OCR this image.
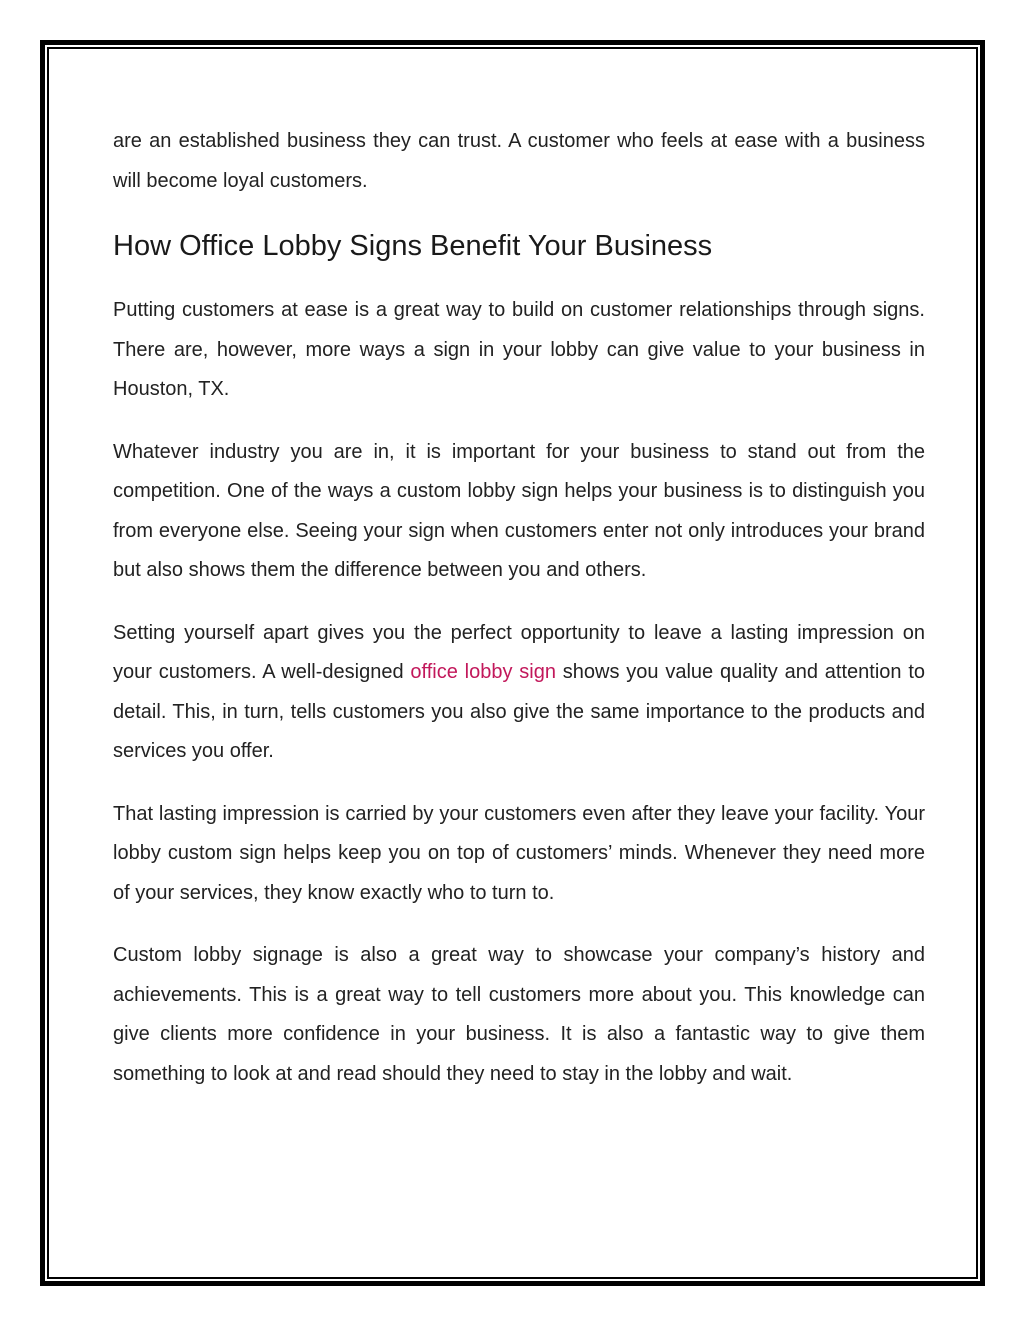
are an established business they can trust. A customer who feels at ease with a business will become loyal customers.

How Office Lobby Signs Benefit Your Business

Putting customers at ease is a great way to build on customer relationships through signs. There are, however, more ways a sign in your lobby can give value to your business in Houston, TX.

Whatever industry you are in, it is important for your business to stand out from the competition. One of the ways a custom lobby sign helps your business is to distinguish you from everyone else. Seeing your sign when customers enter not only introduces your brand but also shows them the difference between you and others.

Setting yourself apart gives you the perfect opportunity to leave a lasting impression on your customers. A well-designed office lobby sign shows you value quality and attention to detail. This, in turn, tells customers you also give the same importance to the products and services you offer.

That lasting impression is carried by your customers even after they leave your facility. Your lobby custom sign helps keep you on top of customers’ minds. Whenever they need more of your services, they know exactly who to turn to.

Custom lobby signage is also a great way to showcase your company’s history and achievements. This is a great way to tell customers more about you. This knowledge can give clients more confidence in your business. It is also a fantastic way to give them something to look at and read should they need to stay in the lobby and wait.
